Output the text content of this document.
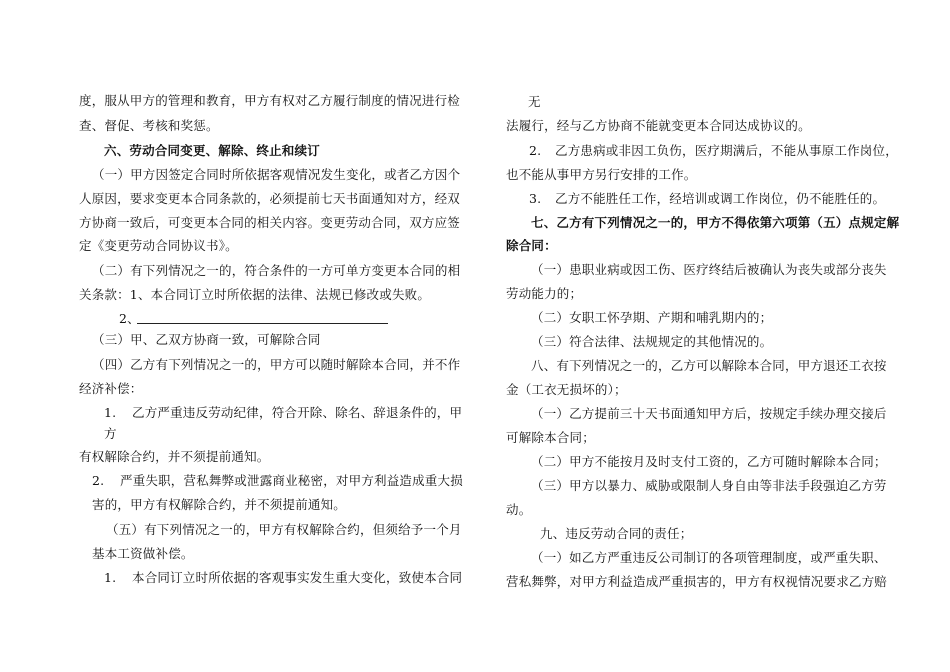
度，服从甲方的管理和教育，甲方有权对乙方履行制度的情况进行检
查、督促、考核和奖惩。
六、劳动合同变更、解除、终止和续订
（一）甲方因签定合同时所依据客观情况发生变化，或者乙方因个
人原因，要求变更本合同条款的，必须提前七天书面通知对方，经双
方协商一致后，可变更本合同的相关内容。变更劳动合同，双方应签
定《变更劳动合同协议书》。
（二）有下列情况之一的，符合条件的一方可单方变更本合同的相
关条款：1、本合同订立时所依据的法律、法规已修改或失败。
2、
（三）甲、乙双方协商一致，可解除合同
（四）乙方有下列情况之一的，甲方可以随时解除本合同，并不作
经济补偿：
1. 乙方严重违反劳动纪律，符合开除、除名、辞退条件的，甲
方
有权解除合约，并不须提前通知。
2. 严重失职，营私舞弊或泄露商业秘密，对甲方利益造成重大损
害的，甲方有权解除合约，并不须提前通知。
（五）有下列情况之一的，甲方有权解除合约，但须给予一个月
基本工资做补偿。
1. 本合同订立时所依据的客观事实发生重大变化，致使本合同
无
法履行，经与乙方协商不能就变更本合同达成协议的。
2. 乙方患病或非因工负伤，医疗期满后，不能从事原工作岗位，
也不能从事甲方另行安排的工作。
3. 乙方不能胜任工作，经培训或调工作岗位，仍不能胜任的。
七、乙方有下列情况之一的，甲方不得依第六项第（五）点规定解
除合同：
（一）患职业病或因工伤、医疗终结后被确认为丧失或部分丧失
劳动能力的；
（二）女职工怀孕期、产期和哺乳期内的；
（三）符合法律、法规规定的其他情况的。
八、有下列情况之一的，乙方可以解除本合同，甲方退还工衣按
金（工衣无损坏的）；
（一）乙方提前三十天书面通知甲方后，按规定手续办理交接后
可解除本合同；
（二）甲方不能按月及时支付工资的，乙方可随时解除本合同；
（三）甲方以暴力、威胁或限制人身自由等非法手段强迫乙方劳
动。
九、违反劳动合同的责任；
（一）如乙方严重违反公司制订的各项管理制度，或严重失职、
营私舞弊，对甲方利益造成严重损害的，甲方有权视情况要求乙方赔
